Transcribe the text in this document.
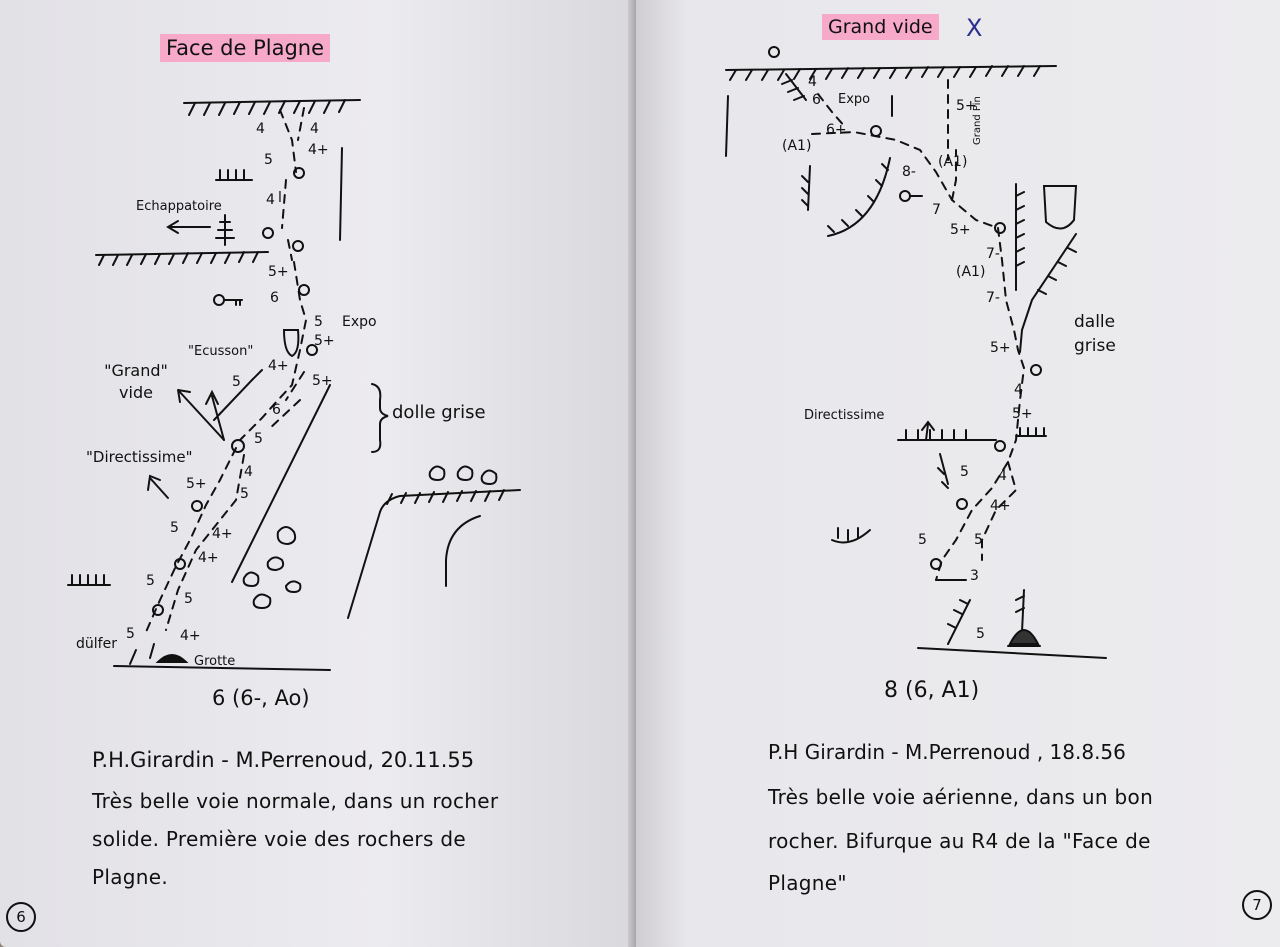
Face de Plagne
4	4
4+
5
4 l
5+
6
5
5+
4+
5+
5
6
5
4
5+
5
5 4+
4+
5
5
5	4+
Echappatoire
Expo
"Grand" vide
"Ecusson"
dolle grise
"Directissime"
dülfer
Grotte
6 (6-, Ao)
P.H.Girardin - M.Perrenoud, 20.11.55
Très belle voie normale, dans un rocher
solide. Première voie des rochers de
Plagne.
6
Grand vide X
4
6
6+
(A1)
5+
8-
(A1)
7
5+
7-
(A1)
7-
5+
4
5+
5 4
4+
5	5
3
5
Grand Pin
Expo
dalle grise
Directissime
8 (6, A1)
P.H Girardin - M.Perrenoud , 18.8.56
Très belle voie aérienne, dans un bon
rocher. Bifurque au R4 de la "Face de
Plagne"
7
